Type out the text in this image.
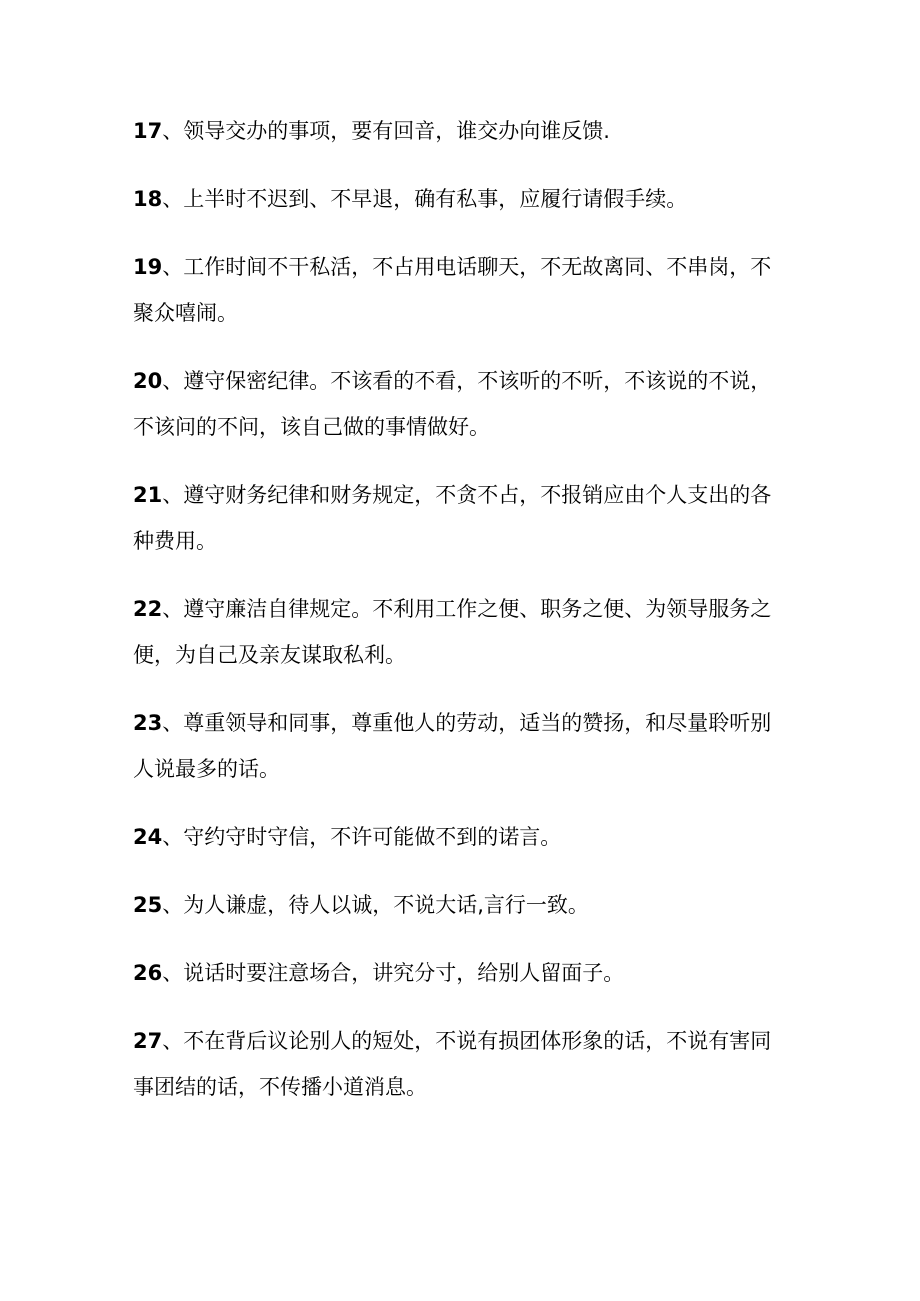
17、领导交办的事项，要有回音，谁交办向谁反馈.

18、上半时不迟到、不早退，确有私事，应履行请假手续。

19、工作时间不干私活，不占用电话聊天，不无故离同、不串岗，不聚众嘻闹。

20、遵守保密纪律。不该看的不看，不该听的不听，不该说的不说，不该问的不问，该自己做的事情做好。

21、遵守财务纪律和财务规定，不贪不占，不报销应由个人支出的各种费用。

22、遵守廉洁自律规定。不利用工作之便、职务之便、为领导服务之便，为自己及亲友谋取私利。

23、尊重领导和同事，尊重他人的劳动，适当的赞扬，和尽量聆听别人说最多的话。

24、守约守时守信，不许可能做不到的诺言。

25、为人谦虚，待人以诚，不说大话,言行一致。

26、说话时要注意场合，讲究分寸，给别人留面子。

27、不在背后议论别人的短处，不说有损团体形象的话，不说有害同事团结的话，不传播小道消息。
